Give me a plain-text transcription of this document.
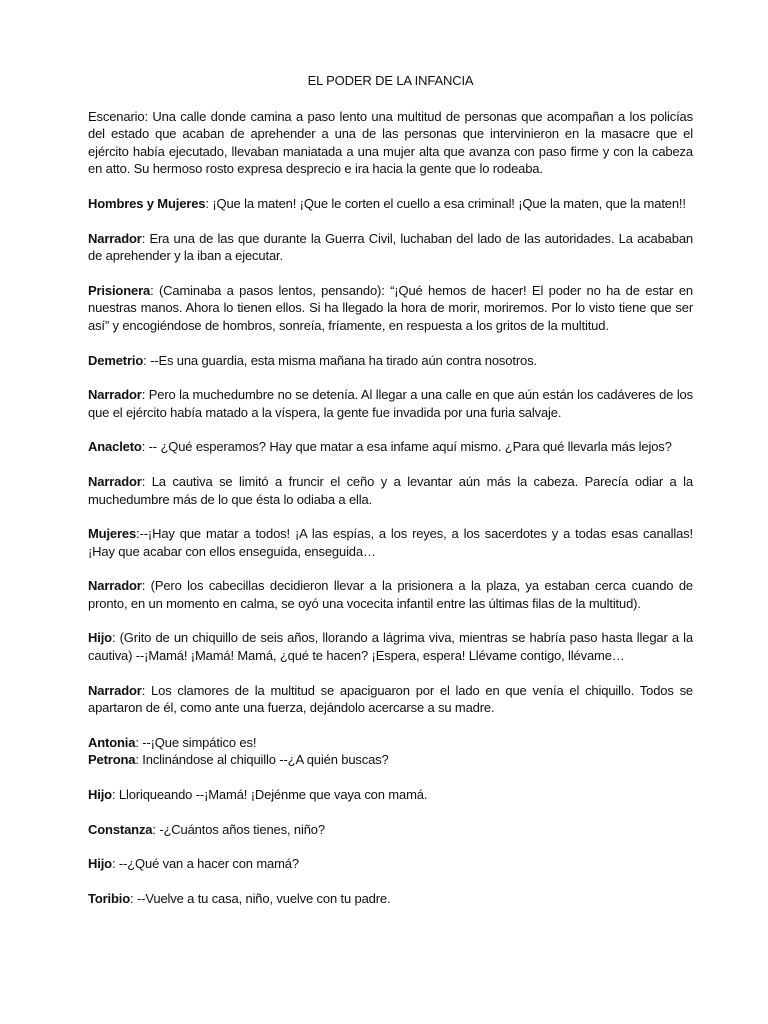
EL PODER DE LA INFANCIA

Escenario: Una calle donde camina a paso lento una multitud de personas que acompañan a los policías del estado que acaban de aprehender a una de las personas que intervinieron en la masacre que el ejército había ejecutado, llevaban maniatada a una mujer alta que avanza con paso firme y con la cabeza en atto. Su hermoso rosto expresa desprecio e ira hacia la gente que lo rodeaba.

Hombres y Mujeres: ¡Que la maten! ¡Que le corten el cuello a esa criminal! ¡Que la maten, que la maten!!

Narrador: Era una de las que durante la Guerra Civil, luchaban del lado de las autoridades. La acababan de aprehender y la iban a ejecutar.

Prisionera: (Caminaba a pasos lentos, pensando): “¡Qué hemos de hacer! El poder no ha de estar en nuestras manos. Ahora lo tienen ellos. Si ha llegado la hora de morir, moriremos. Por lo visto tiene que ser así” y encogiéndose de hombros, sonreía, fríamente, en respuesta a los gritos de la multitud.

Demetrio: --Es una guardia, esta misma mañana ha tirado aún contra nosotros.

Narrador: Pero la muchedumbre no se detenía. Al llegar a una calle en que aún están los cadáveres de los que el ejército había matado a la víspera, la gente fue invadida por una furia salvaje.

Anacleto: -- ¿Qué esperamos? Hay que matar a esa infame aquí mismo. ¿Para qué llevarla más lejos?

Narrador: La cautiva se limitó a fruncir el ceño y a levantar aún más la cabeza. Parecía odiar a la muchedumbre más de lo que ésta lo odiaba a ella.

Mujeres:--¡Hay que matar a todos! ¡A las espías, a los reyes, a los sacerdotes y a todas esas canallas! ¡Hay que acabar con ellos enseguida, enseguida…

Narrador: (Pero los cabecillas decidieron llevar a la prisionera a la plaza, ya estaban cerca cuando de pronto, en un momento en calma, se oyó una vocecita infantil entre las últimas filas de la multitud).

Hijo: (Grito de un chiquillo de seis años, llorando a lágrima viva, mientras se habría paso hasta llegar a la cautiva) --¡Mamá! ¡Mamá! Mamá, ¿qué te hacen? ¡Espera, espera! Llévame contigo, llévame…

Narrador: Los clamores de la multitud se apaciguaron por el lado en que venía el chiquillo. Todos se apartaron de él, como ante una fuerza, dejándolo acercarse a su madre.

Antonia: --¡Que simpático es!

Petrona: Inclinándose al chiquillo --¿A quién buscas?

Hijo: Lloriqueando --¡Mamá! ¡Dejénme que vaya con mamá.

Constanza: -¿Cuántos años tienes, niño?

Hijo: --¿Qué van a hacer con mamá?

Toribio: --Vuelve a tu casa, niño, vuelve con tu padre.
